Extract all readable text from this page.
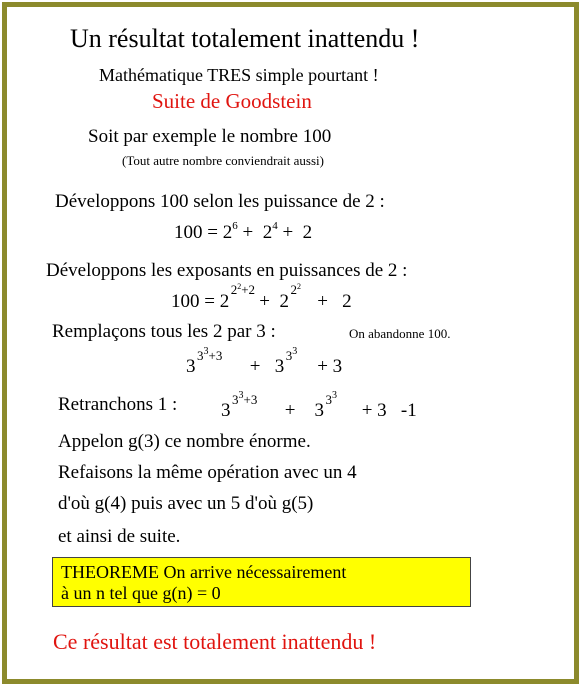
Un résultat totalement inattendu !
Mathématique TRES simple pourtant !
Suite de Goodstein
Soit par exemple le nombre 100
(Tout autre nombre conviendrait aussi)
Développons 100 selon les puissance de 2 :
$100 = 2^6 + 2^4 + 2$
Développons les exposants en puissances de 2 :
100 = 2
$2^2+2$
+  2
$2^2$
+   2
Remplaçons tous les 2 par 3 :	On abandonne 100.
3
$3^3+3$
+   3
$3^3$
+ 3
Retranchons 1 : 3
$3^3+3$
+    3
$3^3$
+ 3   -1
Appelon g(3) ce nombre énorme.
Refaisons la même opération avec un 4
d'où g(4) puis avec un 5 d'où g(5)
et ainsi de suite.
THEOREME On arrive nécessairement
à un n tel que g(n) = 0
Ce résultat est totalement inattendu !
